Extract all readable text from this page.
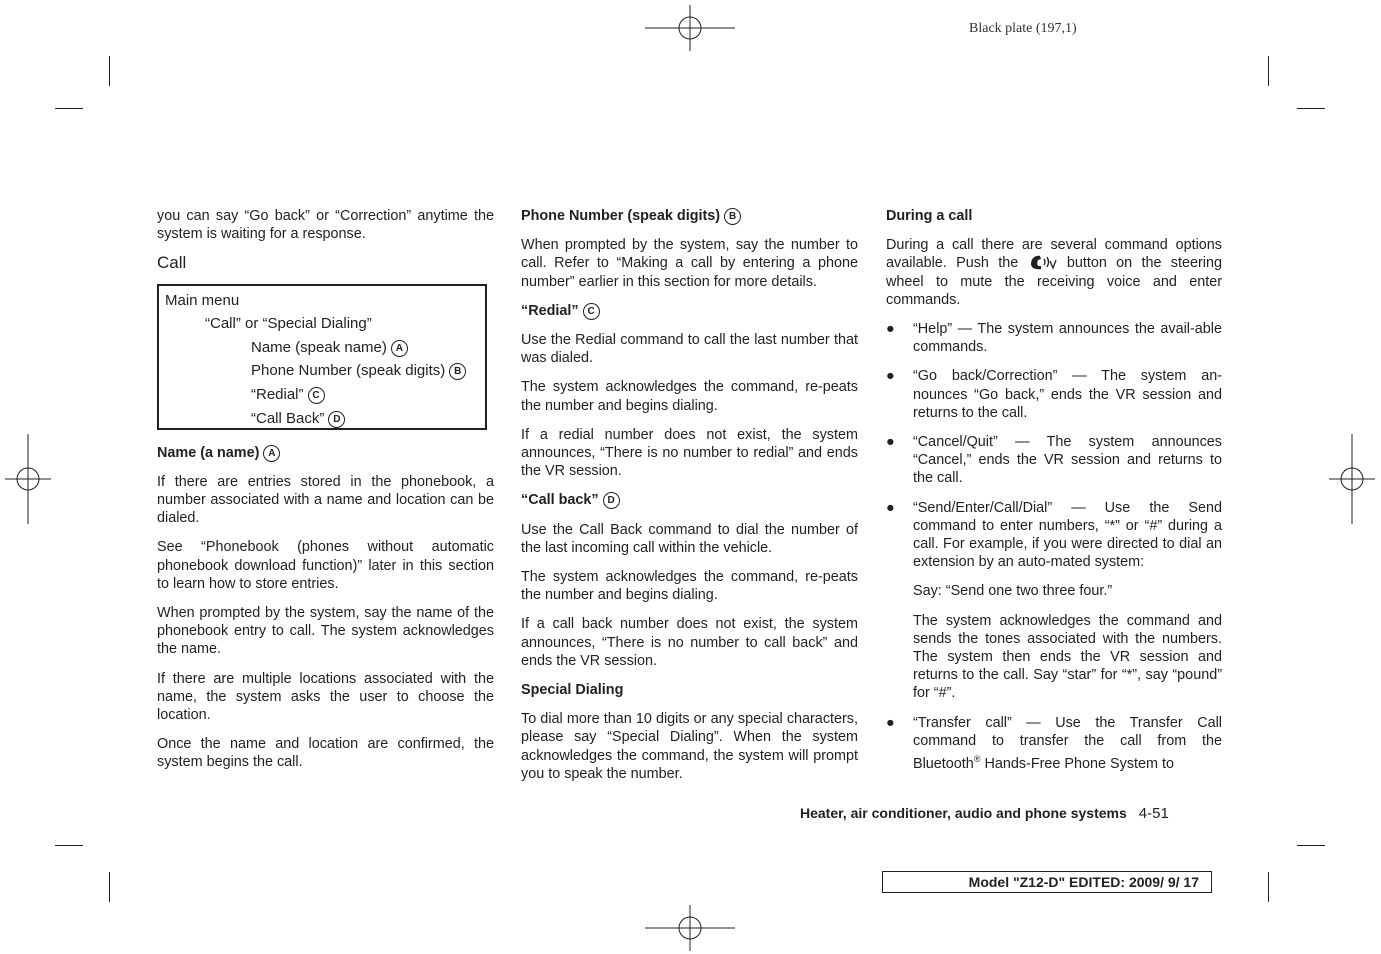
Black plate (197,1)

you can say “Go back” or “Correction” anytime the system is waiting for a response.

Call
Main menu
“Call” or “Special Dialing”
Name (speak name) A
Phone Number (speak digits) B
“Redial” C
“Call Back” D
Name (a name) A

If there are entries stored in the phonebook, a number associated with a name and location can be dialed.

See “Phonebook (phones without automatic phonebook download function)” later in this section to learn how to store entries.

When prompted by the system, say the name of the phonebook entry to call. The system acknowledges the name.

If there are multiple locations associated with the name, the system asks the user to choose the location.

Once the name and location are confirmed, the system begins the call.

Phone Number (speak digits) B

When prompted by the system, say the number to call. Refer to “Making a call by entering a phone number” earlier in this section for more details.

“Redial” C

Use the Redial command to call the last number that was dialed.

The system acknowledges the command, re-peats the number and begins dialing.

If a redial number does not exist, the system announces, “There is no number to redial” and ends the VR session.

“Call back” D

Use the Call Back command to dial the number of the last incoming call within the vehicle.

The system acknowledges the command, re-peats the number and begins dialing.

If a call back number does not exist, the system announces, “There is no number to call back” and ends the VR session.

Special Dialing

To dial more than 10 digits or any special characters, please say “Special Dialing”. When the system acknowledges the command, the system will prompt you to speak the number.

During a call

During a call there are several command options available. Push the	button on the steering wheel to mute the receiving voice and enter commands.

● “Help” — The system announces the avail-able commands.
● “Go back/Correction” — The system an-nounces “Go back,” ends the VR session and returns to the call.
● “Cancel/Quit” — The system announces “Cancel,” ends the VR session and returns to the call.
● “Send/Enter/Call/Dial” — Use the Send command to enter numbers, “*” or “#” during a call. For example, if you were directed to dial an extension by an auto-mated system:

Say: “Send one two three four.”

The system acknowledges the command and sends the tones associated with the numbers. The system then ends the VR session and returns to the call. Say “star” for “*”, say “pound” for “#”.

● “Transfer call” — Use the Transfer Call command to transfer the call from the Bluetooth® Hands-Free Phone System to
Heater, air conditioner, audio and phone systems 4-51
Model "Z12-D" EDITED: 2009/ 9/ 17
